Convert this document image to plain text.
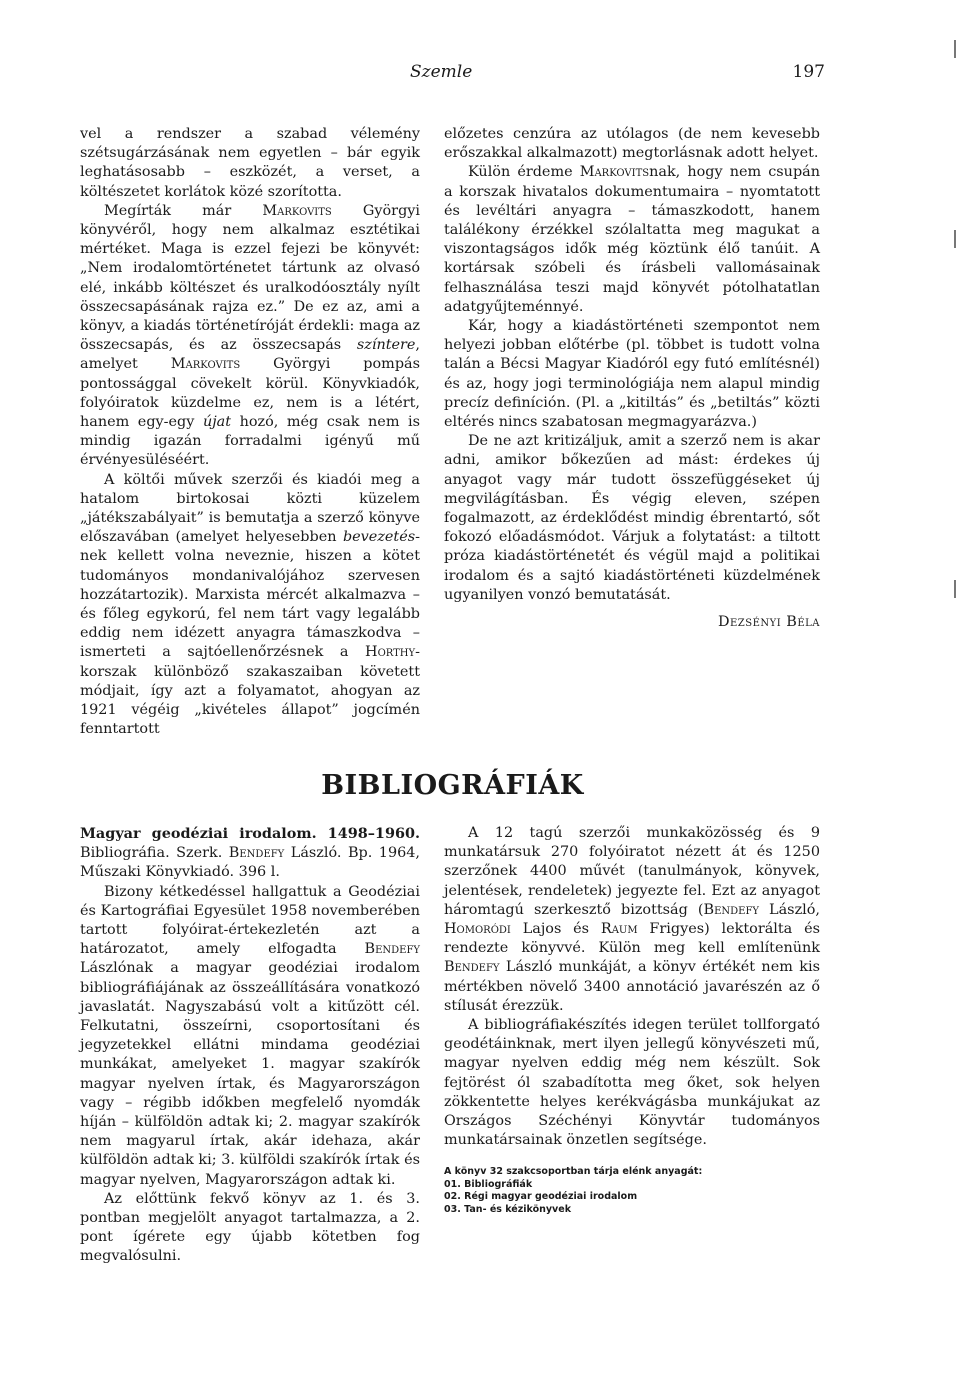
Szemle	197

vel a rendszer a szabad vélemény szétsugárzásának nem egyetlen – bár egyik leghatásosabb – eszközét, a verset, a költészetet korlátok közé szorította.

Megírták már Markovits Györgyi könyvéről, hogy nem alkalmaz esztétikai mértéket. Maga is ezzel fejezi be könyvét: „Nem irodalomtörténetet tártunk az olvasó elé, inkább költészet és uralkodóosztály nyílt összecsapásának rajza ez.” De ez az, ami a könyv, a kiadás történetíróját érdekli: maga az összecsapás, és az összecsapás színtere, amelyet Markovits Györgyi pompás pontossággal cövekelt körül. Könyvkiadók, folyóiratok küzdelme ez, nem is a létért, hanem egy-egy újat hozó, még csak nem is mindig igazán forradalmi igényű mű érvényesüléséért.

A költői művek szerzői és kiadói meg a hatalom birtokosai közti küzelem „játékszabályait” is bemutatja a szerző könyve előszavában (amelyet helyesebben bevezetés-nek kellett volna neveznie, hiszen a kötet tudományos mondanivalójához szervesen hozzátartozik). Marxista mércét alkalmazva – és főleg egykorú, fel nem tárt vagy legalább eddig nem idézett anyagra támaszkodva – ismerteti a sajtóellenőrzésnek a Horthy-korszak különböző szakaszaiban követett módjait, így azt a folyamatot, ahogyan az 1921 végéig „kivételes állapot” jogcímén fenntartott

előzetes cenzúra az utólagos (de nem kevesebb erőszakkal alkalmazott) megtorlásnak adott helyet.

Külön érdeme Markovitsnak, hogy nem csupán a korszak hivatalos dokumentumaira – nyomtatott és levéltári anyagra – támaszkodott, hanem találékony érzékkel szólaltatta meg magukat a viszontagságos idők még köztünk élő tanúit. A kortársak szóbeli és írásbeli vallomásainak felhasználása teszi majd könyvét pótolhatatlan adatgyűjteménnyé.

Kár, hogy a kiadástörténeti szempontot nem helyezi jobban előtérbe (pl. többet is tudott volna talán a Bécsi Magyar Kiadóról egy futó említésnél) és az, hogy jogi terminológiája nem alapul mindig precíz definíción. (Pl. a „kitiltás” és „betiltás” közti eltérés nincs szabatosan megmagyarázva.)

De ne azt kritizáljuk, amit a szerző nem is akar adni, amikor bőkezűen ad mást: érdekes új anyagot vagy már tudott összefüggéseket új megvilágításban. És végig eleven, szépen fogalmazott, az érdeklődést mindig ébrentartó, sőt fokozó előadásmódot. Várjuk a folytatást: a tiltott próza kiadástörténetét és végül majd a politikai irodalom és a sajtó kiadástörténeti küzdelmének ugyanilyen vonzó bemutatását.

Dezsényi Béla
BIBLIOGRÁFIÁK

Magyar geodéziai irodalom. 1498–1960. Bibliográfia. Szerk. Bendefy László. Bp. 1964, Műszaki Könyvkiadó. 396 l.

Bizony kétkedéssel hallgattuk a Geodéziai és Kartográfiai Egyesület 1958 novemberében tartott folyóirat-értekezletén azt a határozatot, amely elfogadta Bendefy Lászlónak a magyar geodéziai irodalom bibliográfiájának az összeállítására vonatkozó javaslatát. Nagyszabású volt a kitűzött cél. Felkutatni, összeírni, csoportosítani és jegyzetekkel ellátni mindama geodéziai munkákat, amelyeket 1. magyar szakírók magyar nyelven írtak, és Magyarországon vagy – régibb időkben megfelelő nyomdák híján – külföldön adtak ki; 2. magyar szakírók nem magyarul írtak, akár idehaza, akár külföldön adtak ki; 3. külföldi szakírók írtak és magyar nyelven, Magyarországon adtak ki.

Az előttünk fekvő könyv az 1. és 3. pontban megjelölt anyagot tartalmazza, a 2. pont ígérete egy újabb kötetben fog megvalósulni.

A 12 tagú szerzői munkaközösség és 9 munkatársuk 270 folyóiratot nézett át és 1250 szerzőnek 4400 művét (tanulmányok, könyvek, jelentések, rendeletek) jegyezte fel. Ezt az anyagot háromtagú szerkesztő bizottság (Bendefy László, Homoródi Lajos és Raum Frigyes) lektorálta és rendezte könyvvé. Külön meg kell említenünk Bendefy László munkáját, a könyv értékét nem kis mértékben növelő 3400 annotáció javarészén az ő stílusát érezzük.

A bibliográfiakészítés idegen terület tollforgató geodétáinknak, mert ilyen jellegű könyvészeti mű, magyar nyelven eddig még nem készült. Sok fejtörést ól szabadította meg őket, sok helyen zökkentette helyes kerékvágásba munkájukat az Országos Széchényi Könyvtár tudományos munkatársainak önzetlen segítsége.

A könyv 32 szakcsoportban tárja elénk anyagát:
01. Bibliográfiák
02. Régi magyar geodéziai irodalom
03. Tan- és kézikönyvek
